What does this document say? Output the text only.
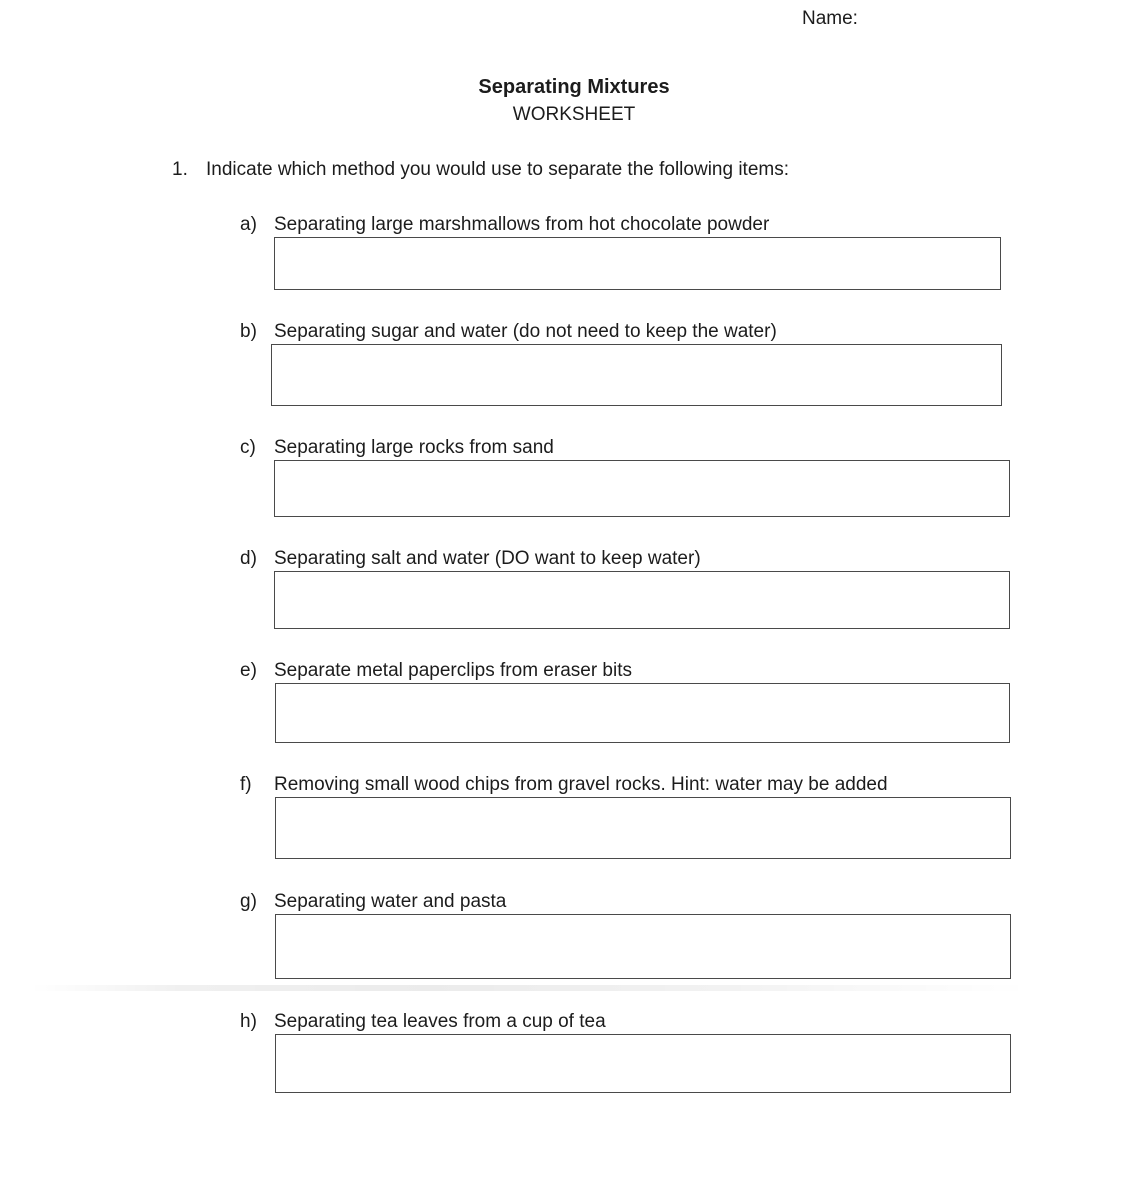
Name:
Separating Mixtures
WORKSHEET
1. Indicate which method you would use to separate the following items:
a) Separating large marshmallows from hot chocolate powder
b) Separating sugar and water (do not need to keep the water)
c) Separating large rocks from sand
d) Separating salt and water (DO want to keep water)
e) Separate metal paperclips from eraser bits
f) Removing small wood chips from gravel rocks. Hint: water may be added
g) Separating water and pasta
h) Separating tea leaves from a cup of tea
